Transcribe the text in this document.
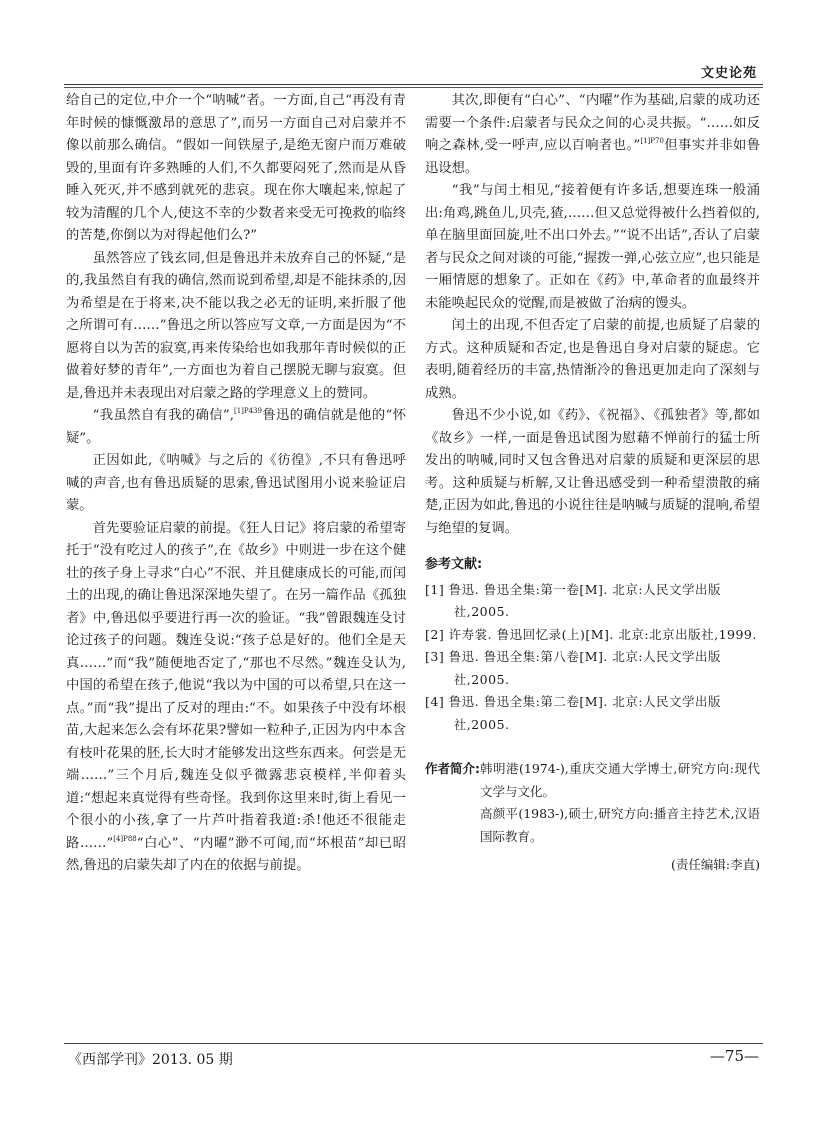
文史论苑

给自己的定位,中介一个“呐喊”者。一方面,自己“再没有青年时候的慷慨激昂的意思了”,而另一方面自己对启蒙并不像以前那么确信。“假如一间铁屋子,是绝无窗户而万难破毁的,里面有许多熟睡的人们,不久都要闷死了,然而是从昏睡入死灭,并不感到就死的悲哀。现在你大嚷起来,惊起了较为清醒的几个人,使这不幸的少数者来受无可挽救的临终的苦楚,你倒以为对得起他们么?”

虽然答应了钱玄同,但是鲁迅并未放弃自己的怀疑,“是的,我虽然自有我的确信,然而说到希望,却是不能抹杀的,因为希望是在于将来,决不能以我之必无的证明,来折服了他之所谓可有……”鲁迅之所以答应写文章,一方面是因为“不愿将自以为苦的寂寞,再来传染给也如我那年青时候似的正做着好梦的青年”,一方面也为着自己摆脱无聊与寂寞。但是,鲁迅并未表现出对启蒙之路的学理意义上的赞同。

“我虽然自有我的确信”,$^{[1]P439}$鲁迅的确信就是他的“怀疑”。

正因如此,《呐喊》与之后的《彷徨》,不只有鲁迅呼喊的声音,也有鲁迅质疑的思索,鲁迅试图用小说来验证启蒙。

首先要验证启蒙的前提。《狂人日记》将启蒙的希望寄托于“没有吃过人的孩子”,在《故乡》中则进一步在这个健壮的孩子身上寻求“白心”不泯、并且健康成长的可能,而闰土的出现,的确让鲁迅深深地失望了。在另一篇作品《孤独者》中,鲁迅似乎要进行再一次的验证。“我”曾跟魏连殳讨论过孩子的问题。魏连殳说:“孩子总是好的。他们全是天真……”而“我”随便地否定了,“那也不尽然。”魏连殳认为,中国的希望在孩子,他说“我以为中国的可以希望,只在这一点。”而“我”提出了反对的理由:“不。如果孩子中没有坏根苗,大起来怎么会有坏花果?譬如一粒种子,正因为内中本含有枝叶花果的胚,长大时才能够发出这些东西来。何尝是无端……”三个月后,魏连殳似乎微露悲哀模样,半仰着头道:“想起来真觉得有些奇怪。我到你这里来时,街上看见一个很小的小孩,拿了一片芦叶指着我道:杀!他还不很能走路……”$^{[4]P88}$“白心”、“内曜”渺不可闻,而“坏根苗”却已昭然,鲁迅的启蒙失却了内在的依据与前提。

其次,即便有“白心”、“内曜”作为基础,启蒙的成功还需要一个条件:启蒙者与民众之间的心灵共振。“……如反响之森林,受一呼声,应以百响者也。”$^{[1]P70}$但事实并非如鲁迅设想。

“我”与闰土相见,“接着便有许多话,想要连珠一般涌出:角鸡,跳鱼儿,贝壳,猹,……但又总觉得被什么挡着似的,单在脑里面回旋,吐不出口外去。”“说不出话”,否认了启蒙者与民众之间对谈的可能,“握拨一弹,心弦立应”,也只能是一厢情愿的想象了。正如在《药》中,革命者的血最终并未能唤起民众的觉醒,而是被做了治病的馒头。

闰土的出现,不但否定了启蒙的前提,也质疑了启蒙的方式。这种质疑和否定,也是鲁迅自身对启蒙的疑虑。它表明,随着经历的丰富,热情渐冷的鲁迅更加走向了深刻与成熟。

鲁迅不少小说,如《药》、《祝福》、《孤独者》等,都如《故乡》一样,一面是鲁迅试图为慰藉不惮前行的猛士所发出的呐喊,同时又包含鲁迅对启蒙的质疑和更深层的思考。这种质疑与析解,又让鲁迅感受到一种希望溃散的痛楚,正因为如此,鲁迅的小说往往是呐喊与质疑的混响,希望与绝望的复调。

参考文献:
[1] 鲁迅. 鲁迅全集:第一卷[M]. 北京:人民文学出版社,2005.
[2] 许寿裳. 鲁迅回忆录(上)[M]. 北京:北京出版社,1999.
[3] 鲁迅. 鲁迅全集:第八卷[M]. 北京:人民文学出版社,2005.
[4] 鲁迅. 鲁迅全集:第二卷[M]. 北京:人民文学出版社,2005.
作者简介: 韩明港(1974-),重庆交通大学博士,研究方向:现代文学与文化。

高颜平(1983-),硕士,研究方向:播音主持艺术,汉语国际教育。

(责任编辑:李直)
《西部学刊》2013. 05 期	—75—
